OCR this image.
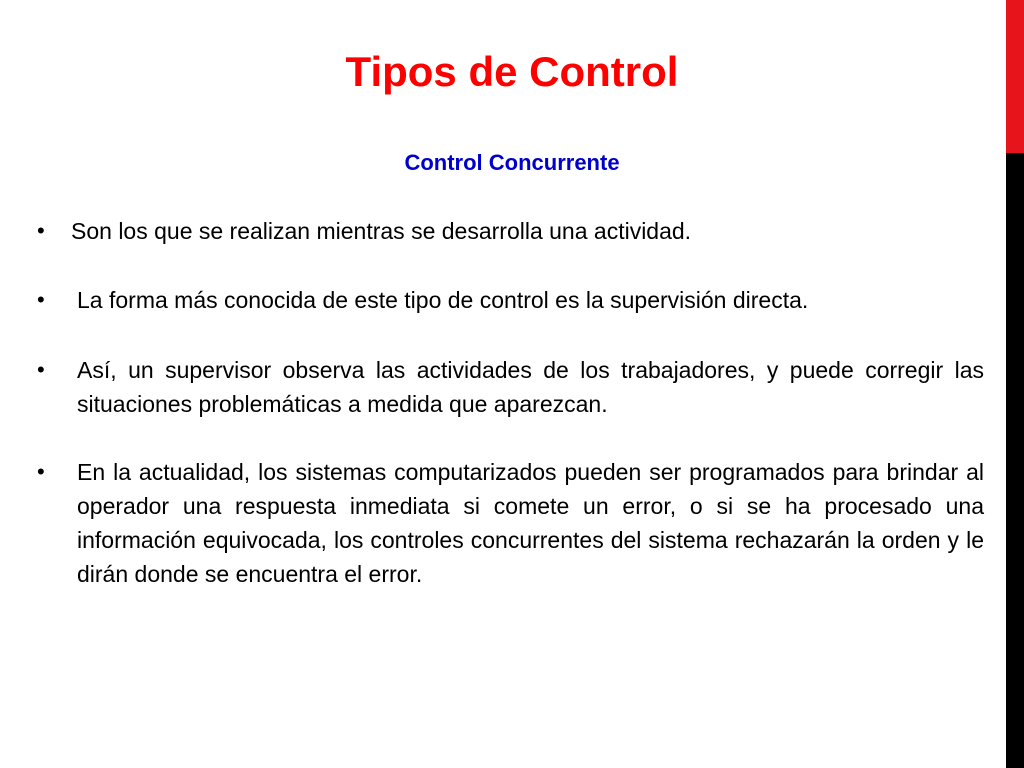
Tipos de Control
Control Concurrente
• Son los que se realizan mientras se desarrolla una actividad.
• La forma más conocida de este tipo de control es la supervisión directa.
• Así, un supervisor observa las actividades de los trabajadores, y puede corregir las situaciones problemáticas a medida que aparezcan.
• En la actualidad, los sistemas computarizados pueden ser programados para brindar al operador una respuesta inmediata si comete un error, o si se ha procesado una información equivocada, los controles concurrentes del sistema rechazarán la orden y le dirán donde se encuentra el error.
